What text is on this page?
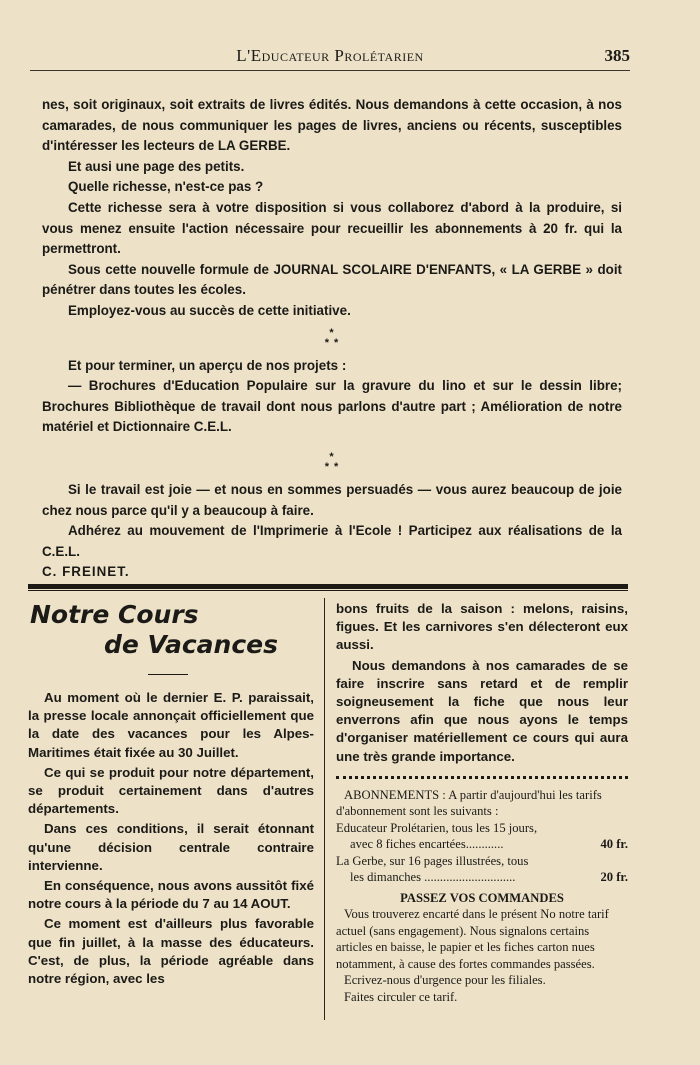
L'Educateur Prolétarien	385

nes, soit originaux, soit extraits de livres édités. Nous demandons à cette occasion, à nos camarades, de nous communiquer les pages de livres, anciens ou récents, susceptibles d'intéresser les lecteurs de LA GERBE.

Et ausi une page des petits.

Quelle richesse, n'est-ce pas ?

Cette richesse sera à votre disposition si vous collaborez d'abord à la produire, si vous menez ensuite l'action nécessaire pour recueillir les abonnements à 20 fr. qui la permettront.

Sous cette nouvelle formule de JOURNAL SCOLAIRE D'ENFANTS, « LA GERBE » doit pénétrer dans toutes les écoles.

Employez-vous au succès de cette initiative.

*
* *

Et pour terminer, un aperçu de nos projets :

— Brochures d'Education Populaire sur la gravure du lino et sur le dessin libre; Brochures Bibliothèque de travail dont nous parlons d'autre part ; Amélioration de notre matériel et Dictionnaire C.E.L.

*
* *

Si le travail est joie — et nous en sommes persuadés — vous aurez beaucoup de joie chez nous parce qu'il y a beaucoup à faire.

Adhérez au mouvement de l'Imprimerie à l'Ecole ! Participez aux réalisations de la C.E.L.

C. FREINET.

Notre Cours
de Vacances

Au moment où le dernier E. P. paraissait, la presse locale annonçait officiellement que la date des vacances pour les Alpes-Maritimes était fixée au 30 Juillet.

Ce qui se produit pour notre département, se produit certainement dans d'autres départements.

Dans ces conditions, il serait étonnant qu'une décision centrale contraire intervienne.

En conséquence, nous avons aussitôt fixé notre cours à la période du 7 au 14 AOUT.

Ce moment est d'ailleurs plus favorable que fin juillet, à la masse des éducateurs. C'est, de plus, la période agréable dans notre région, avec les

bons fruits de la saison : melons, raisins, figues. Et les carnivores s'en délecteront eux aussi.

Nous demandons à nos camarades de se faire inscrire sans retard et de remplir soigneusement la fiche que nous leur enverrons afin que nous ayons le temps d'organiser matériellement ce cours qui aura une très grande importance.

ABONNEMENTS : A partir d'aujourd'hui les tarifs d'abonnement sont les suivants :

Educateur Prolétarien, tous les 15 jours,

avec 8 fiches encartées............	40 fr.

La Gerbe, sur 16 pages illustrées, tous

les dimanches .............................	20 fr.

PASSEZ VOS COMMANDES

Vous trouverez encarté dans le présent No notre tarif actuel (sans engagement). Nous signalons certains articles en baisse, le papier et les fiches carton nues notamment, à cause des fortes commandes passées.

Ecrivez-nous d'urgence pour les filiales.

Faites circuler ce tarif.
